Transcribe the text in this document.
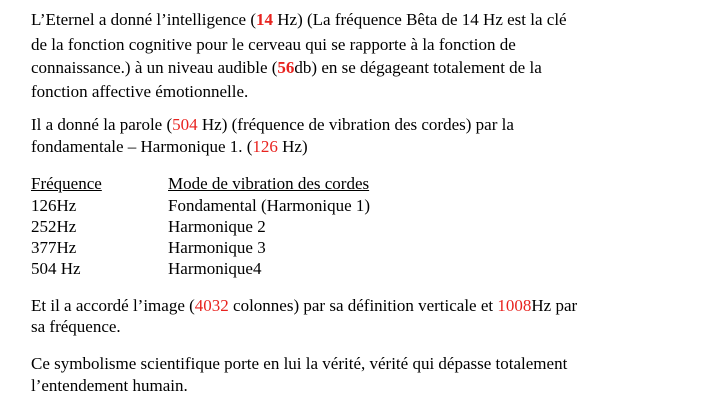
L’Eternel a donné l’intelligence (14 Hz) (La fréquence Bêta de 14 Hz est la clé
de la fonction cognitive pour le cerveau qui se rapporte à la fonction de
connaissance.) à un niveau audible (56db) en se dégageant totalement de la
fonction affective émotionnelle.
Il a donné la parole (504 Hz) (fréquence de vibration des cordes) par la
fondamentale – Harmonique 1. (126 Hz)
Fréquence	Mode de vibration des cordes
126Hz	Fondamental (Harmonique 1)
252Hz	Harmonique 2
377Hz	Harmonique 3
504 Hz	Harmonique4
Et il a accordé l’image (4032 colonnes) par sa définition verticale et 1008Hz par
sa fréquence.
Ce symbolisme scientifique porte en lui la vérité, vérité qui dépasse totalement
l’entendement humain.
